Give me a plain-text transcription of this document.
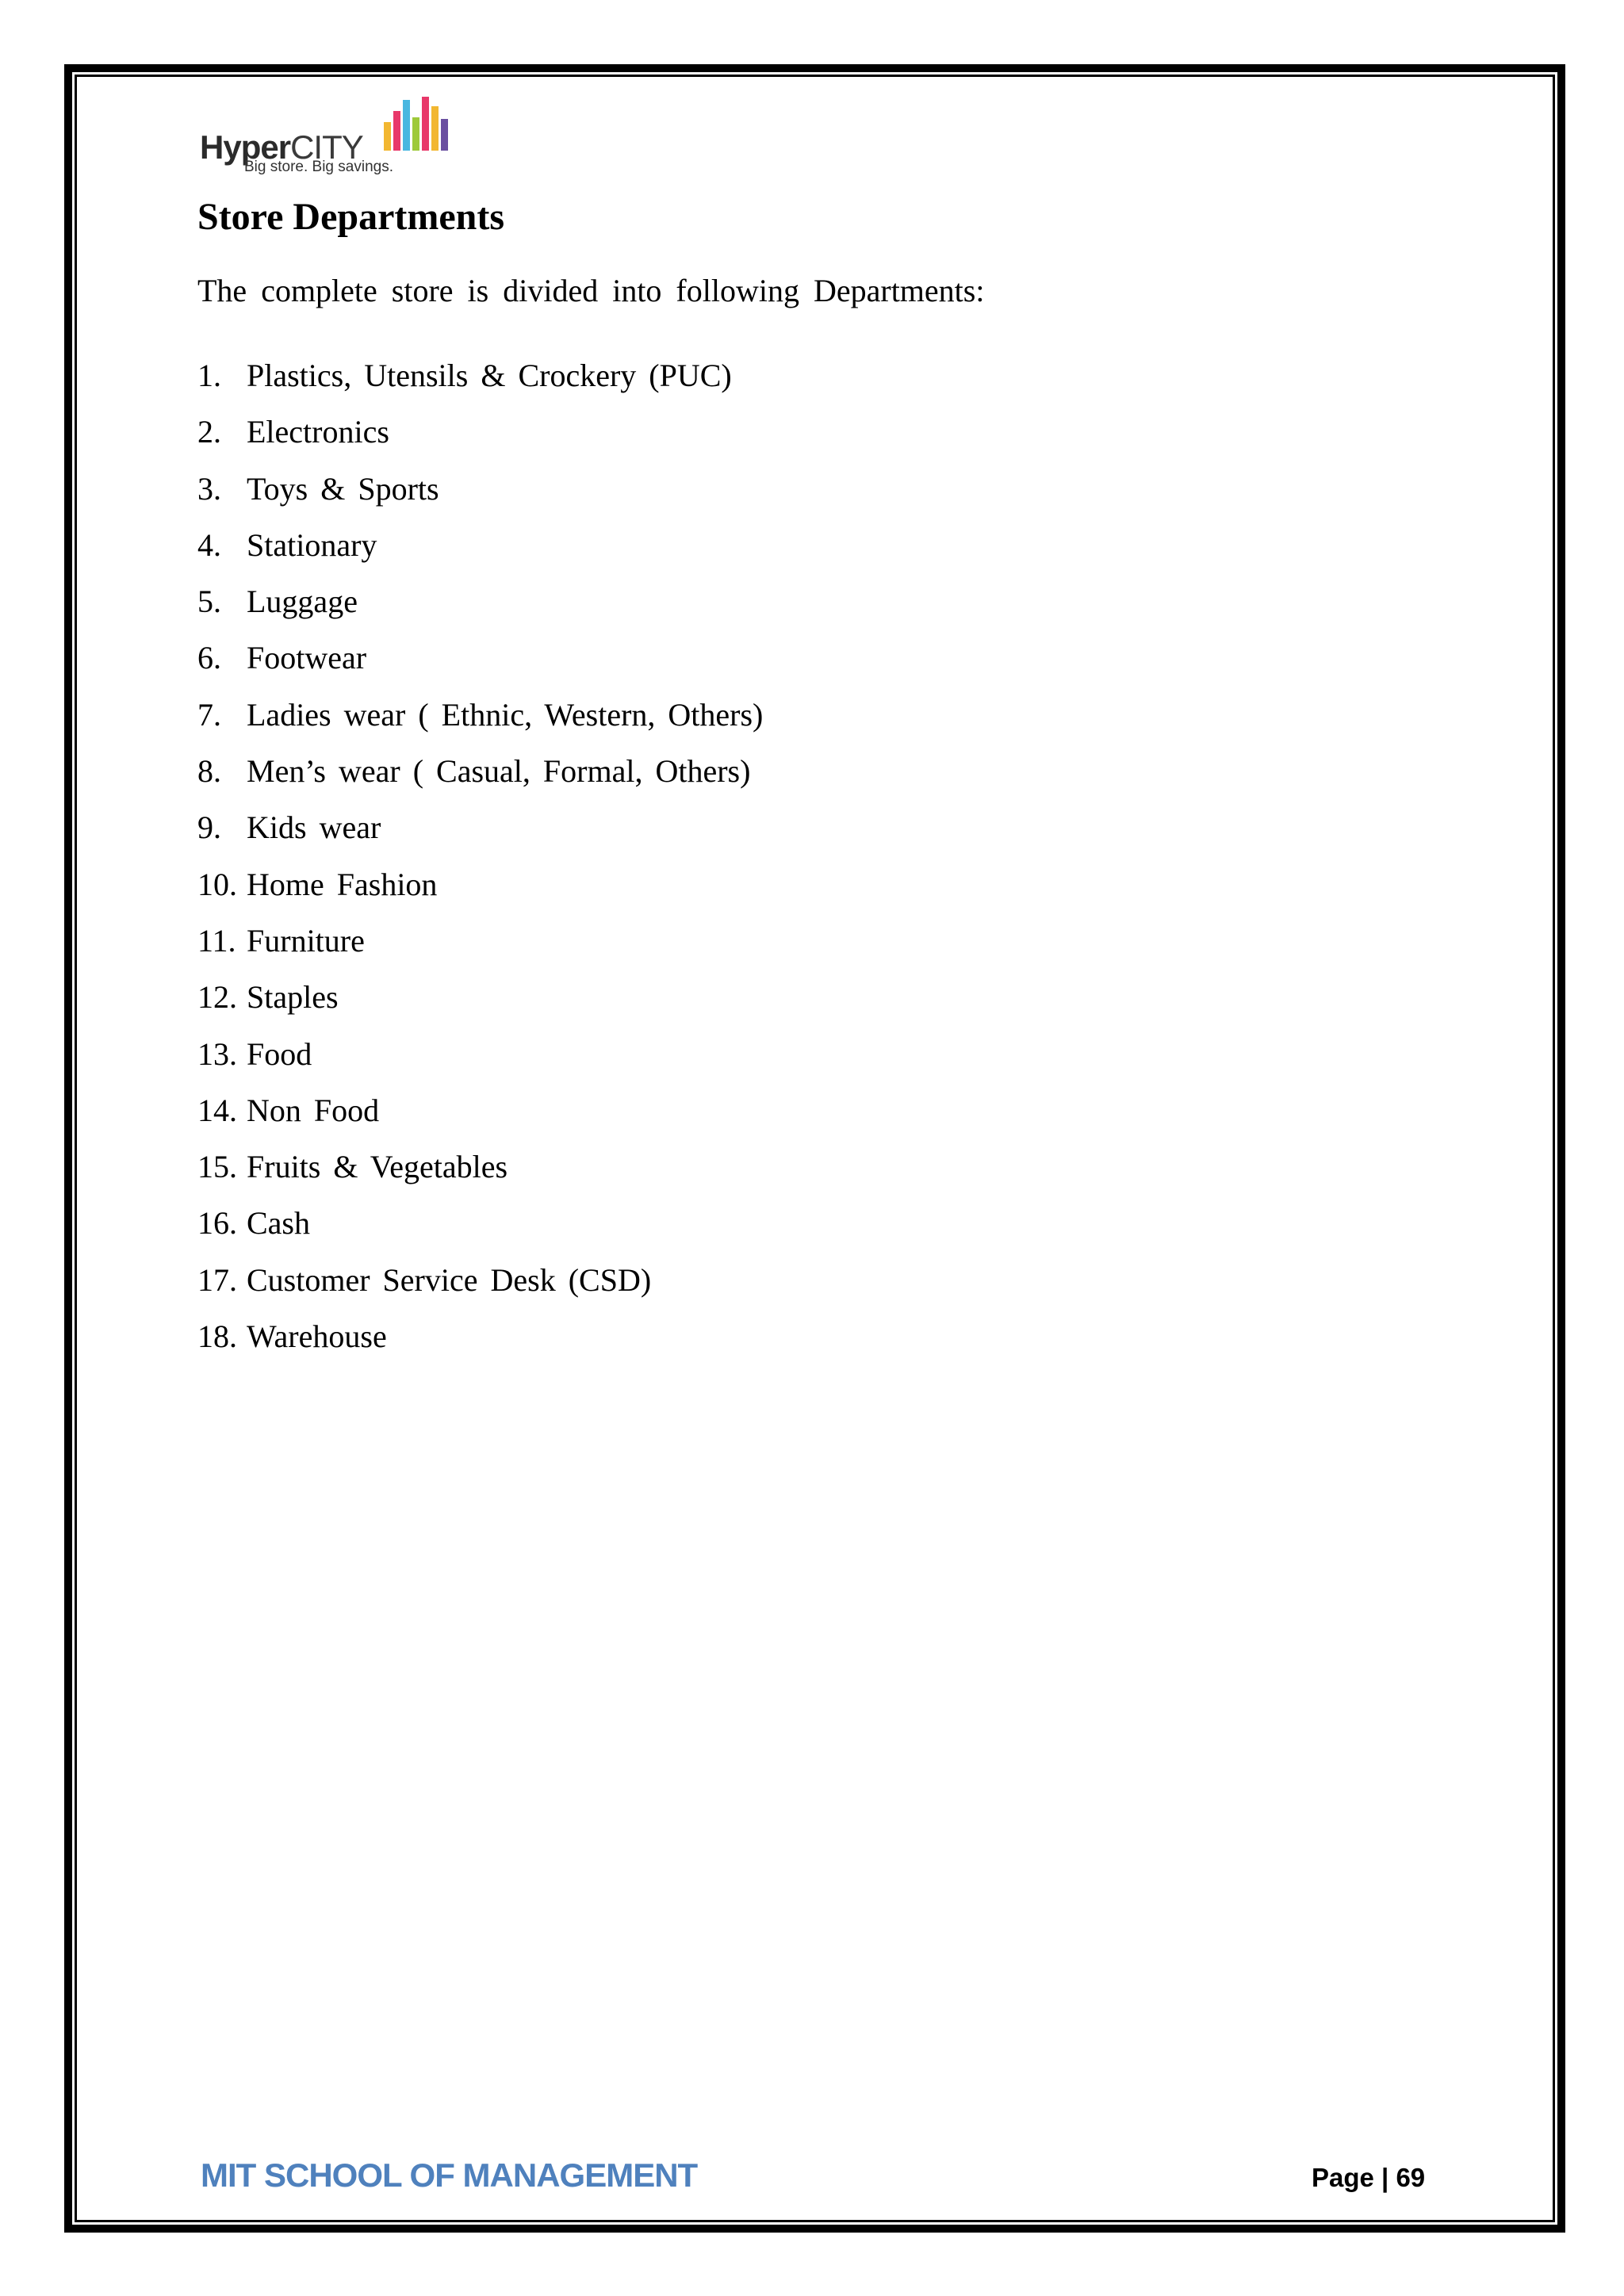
HyperCITY
Big store. Big savings.
Store Departments

The complete store is divided into following Departments:

1. Plastics, Utensils & Crockery (PUC)
2. Electronics
3. Toys & Sports
4. Stationary
5. Luggage
6. Footwear
7. Ladies wear ( Ethnic, Western, Others)
8. Men’s wear ( Casual, Formal, Others)
9. Kids wear
10. Home Fashion
11. Furniture
12. Staples
13. Food
14. Non Food
15. Fruits & Vegetables
16. Cash
17. Customer Service Desk (CSD)
18. Warehouse
MIT SCHOOL OF MANAGEMENT	Page | 69
